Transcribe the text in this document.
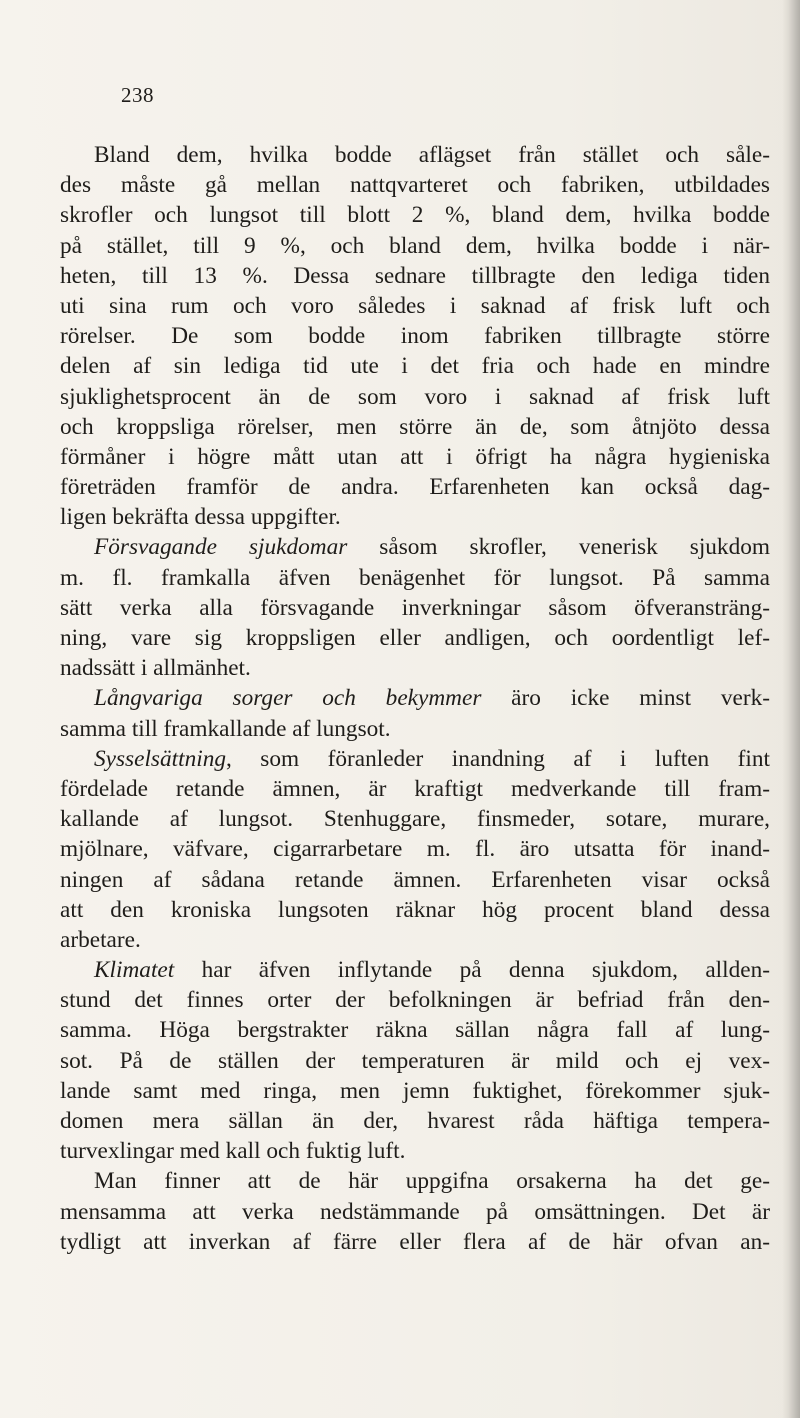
238
Bland dem, hvilka bodde aflägset från stället och såle-
des måste gå mellan nattqvarteret och fabriken, utbildades
skrofler och lungsot till blott 2 %, bland dem, hvilka bodde
på stället, till 9 %, och bland dem, hvilka bodde i när-
heten, till 13 %. Dessa sednare tillbragte den lediga tiden
uti sina rum och voro således i saknad af frisk luft och
rörelser. De som bodde inom fabriken tillbragte större
delen af sin lediga tid ute i det fria och hade en mindre
sjuklighetsprocent än de som voro i saknad af frisk luft
och kroppsliga rörelser, men större än de, som åtnjöto dessa
förmåner i högre mått utan att i öfrigt ha några hygieniska
företräden framför de andra. Erfarenheten kan också dag-
ligen bekräfta dessa uppgifter.
Försvagande sjukdomar såsom skrofler, venerisk sjukdom
m. fl. framkalla äfven benägenhet för lungsot. På samma
sätt verka alla försvagande inverkningar såsom öfveransträng-
ning, vare sig kroppsligen eller andligen, och oordentligt lef-
nadssätt i allmänhet.
Långvariga sorger och bekymmer äro icke minst verk-
samma till framkallande af lungsot.
Sysselsättning, som föranleder inandning af i luften fint
fördelade retande ämnen, är kraftigt medverkande till fram-
kallande af lungsot. Stenhuggare, finsmeder, sotare, murare,
mjölnare, väfvare, cigarrarbetare m. fl. äro utsatta för inand-
ningen af sådana retande ämnen. Erfarenheten visar också
att den kroniska lungsoten räknar hög procent bland dessa
arbetare.
Klimatet har äfven inflytande på denna sjukdom, allden-
stund det finnes orter der befolkningen är befriad från den-
samma. Höga bergstrakter räkna sällan några fall af lung-
sot. På de ställen der temperaturen är mild och ej vex-
lande samt med ringa, men jemn fuktighet, förekommer sjuk-
domen mera sällan än der, hvarest råda häftiga tempera-
turvexlingar med kall och fuktig luft.
Man finner att de här uppgifna orsakerna ha det ge-
mensamma att verka nedstämmande på omsättningen. Det är
tydligt att inverkan af färre eller flera af de här ofvan an-
